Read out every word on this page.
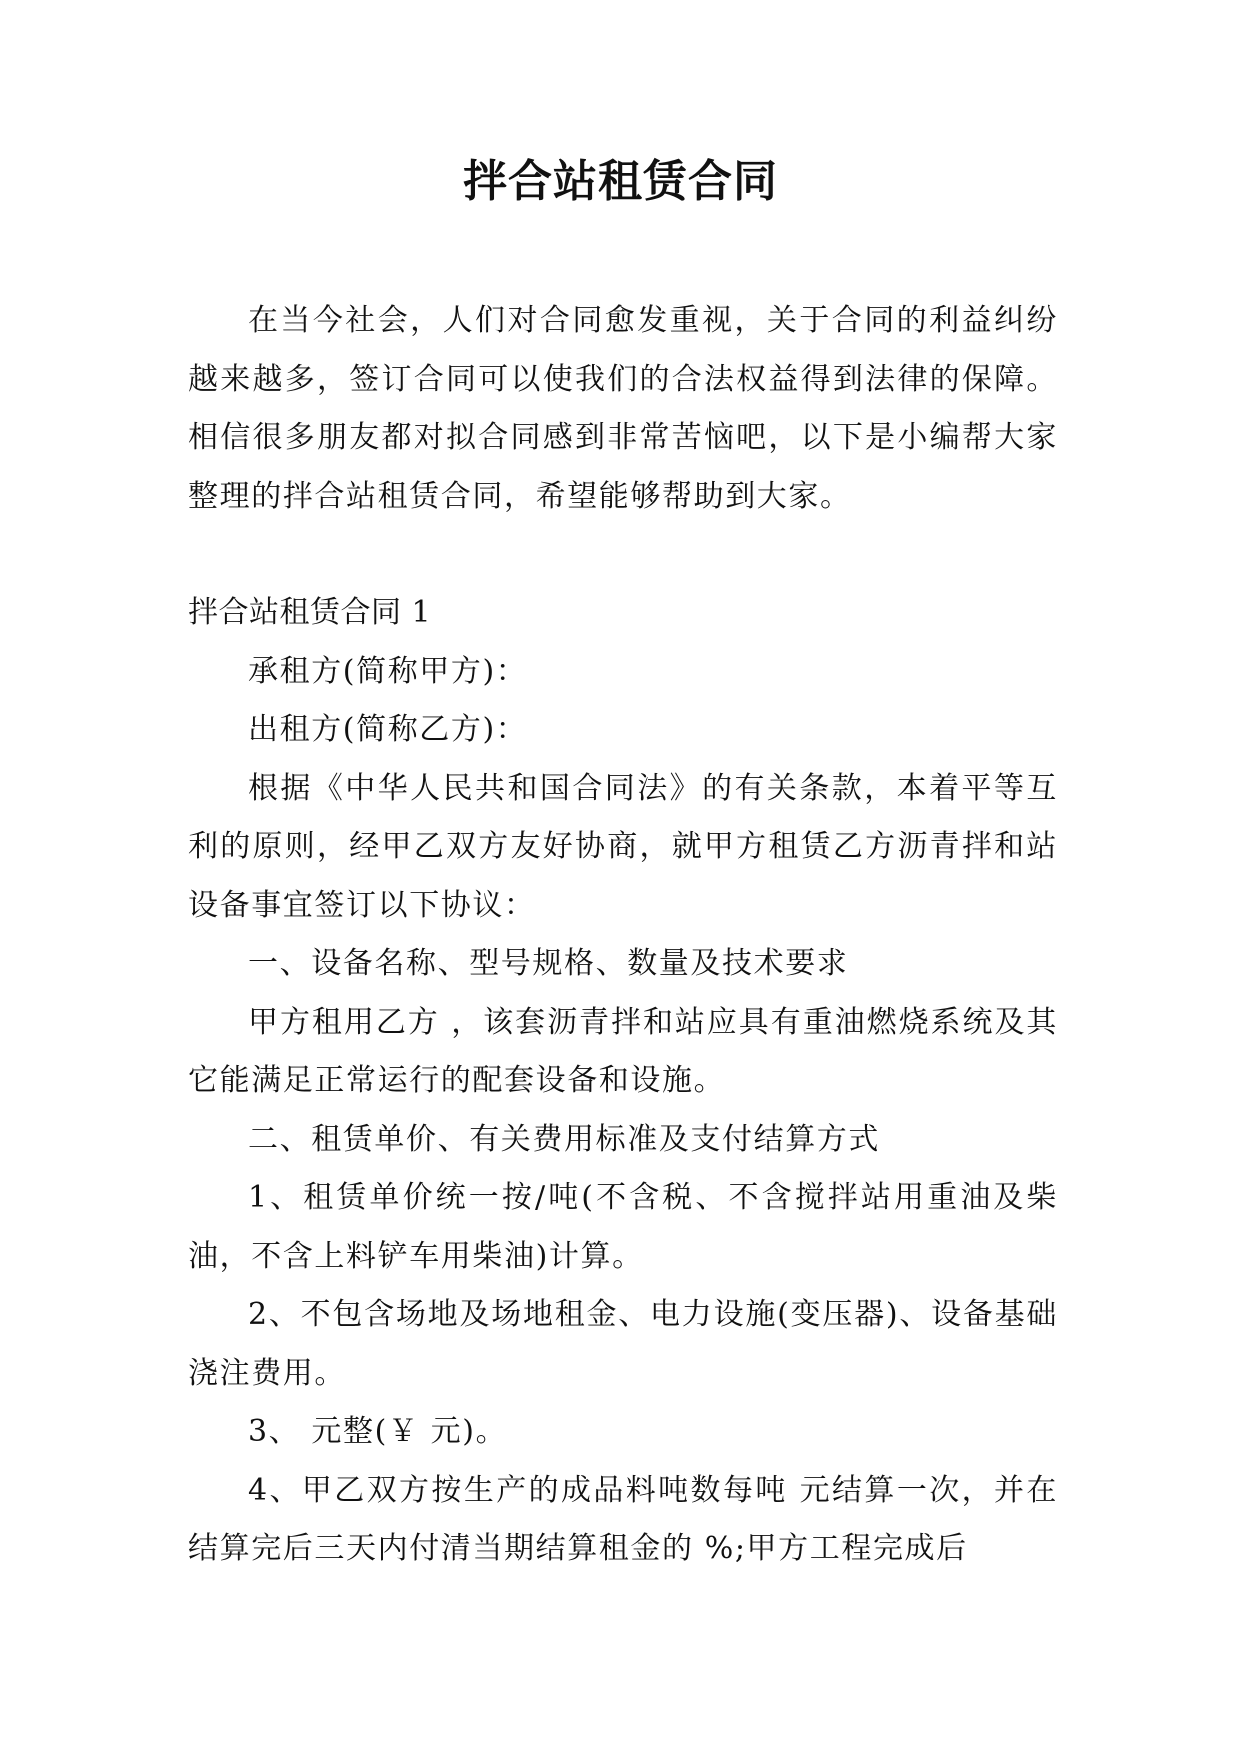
拌合站租赁合同

在当今社会，人们对合同愈发重视，关于合同的利益纠纷越来越多，签订合同可以使我们的合法权益得到法律的保障。相信很多朋友都对拟合同感到非常苦恼吧，以下是小编帮大家整理的拌合站租赁合同，希望能够帮助到大家。

拌合站租赁合同 1

承租方(简称甲方)：

出租方(简称乙方)：

根据《中华人民共和国合同法》的有关条款，本着平等互利的原则，经甲乙双方友好协商，就甲方租赁乙方沥青拌和站设备事宜签订以下协议：

一、设备名称、型号规格、数量及技术要求

甲方租用乙方 ，该套沥青拌和站应具有重油燃烧系统及其它能满足正常运行的配套设备和设施。

二、租赁单价、有关费用标准及支付结算方式

1、租赁单价统一按/吨(不含税、不含搅拌站用重油及柴油，不含上料铲车用柴油)计算。

2、不包含场地及场地租金、电力设施(变压器)、设备基础浇注费用。

3、 元整(￥ 元)。

4、甲乙双方按生产的成品料吨数每吨 元结算一次，并在结算完后三天内付清当期结算租金的 %;甲方工程完成后
